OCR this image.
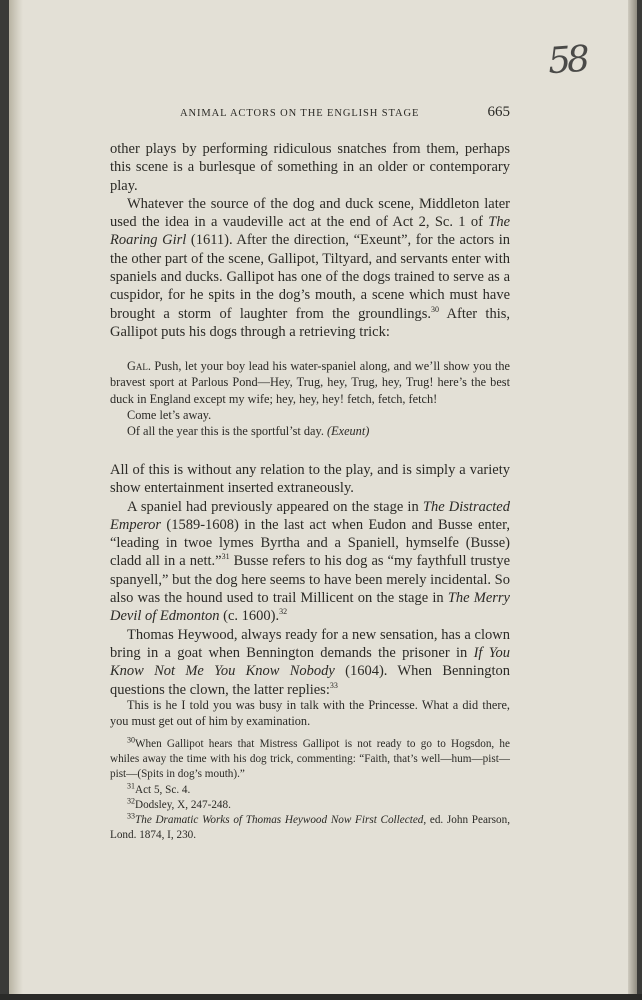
58
ANIMAL ACTORS ON THE ENGLISH STAGE	665

other plays by performing ridiculous snatches from them, perhaps this scene is a burlesque of something in an older or contemporary play.

Whatever the source of the dog and duck scene, Middleton later used the idea in a vaudeville act at the end of Act 2, Sc. 1 of The Roaring Girl (1611). After the direction, “Exeunt”, for the actors in the other part of the scene, Gallipot, Tiltyard, and servants enter with spaniels and ducks. Gallipot has one of the dogs trained to serve as a cuspidor, for he spits in the dog’s mouth, a scene which must have brought a storm of laughter from the groundlings.$^{30}$ After this, Gallipot puts his dogs through a retrieving trick:

Gal. Push, let your boy lead his water-spaniel along, and we’ll show you the bravest sport at Parlous Pond—Hey, Trug, hey, Trug, hey, Trug! here’s the best duck in England except my wife; hey, hey, hey! fetch, fetch, fetch!

Come let’s away.

Of all the year this is the sportful’st day. (Exeunt)

All of this is without any relation to the play, and is simply a variety show entertainment inserted extraneously.

A spaniel had previously appeared on the stage in The Distracted Emperor (1589-1608) in the last act when Eudon and Busse enter, “leading in twoe lymes Byrtha and a Spaniell, hymselfe (Busse) cladd all in a nett.”$^{31}$ Busse refers to his dog as “my faythfull trustye spanyell,” but the dog here seems to have been merely incidental. So also was the hound used to trail Millicent on the stage in The Merry Devil of Edmonton (c. 1600).$^{32}$

Thomas Heywood, always ready for a new sensation, has a clown bring in a goat when Bennington demands the prisoner in If You Know Not Me You Know Nobody (1604). When Bennington questions the clown, the latter replies:$^{33}$

This is he I told you was busy in talk with the Princesse. What a did there, you must get out of him by examination.

$^{30}$When Gallipot hears that Mistress Gallipot is not ready to go to Hogsdon, he whiles away the time with his dog trick, commenting: “Faith, that’s well—hum—pist—pist—(Spits in dog’s mouth).”

$^{31}$Act 5, Sc. 4.

$^{32}$Dodsley, X, 247-248.

$^{33}$The Dramatic Works of Thomas Heywood Now First Collected, ed. John Pearson, Lond. 1874, I, 230.
